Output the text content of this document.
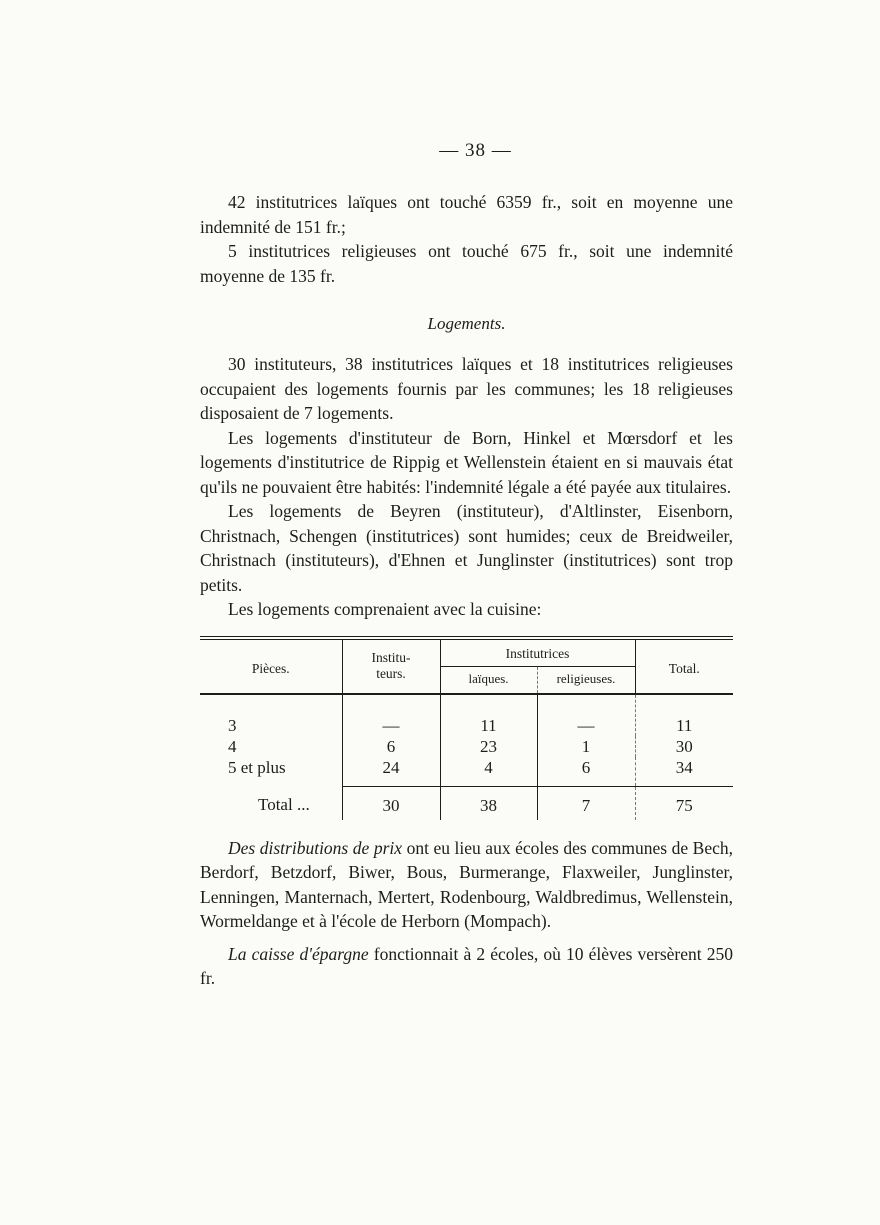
— 38 —

42 institutrices laïques ont touché 6359 fr., soit en moyenne une indemnité de 151 fr.;

5 institutrices religieuses ont touché 675 fr., soit une indemnité moyenne de 135 fr.

Logements.

30 instituteurs, 38 institutrices laïques et 18 institutrices religieuses occupaient des logements fournis par les communes; les 18 religieuses disposaient de 7 logements.

Les logements d'instituteur de Born, Hinkel et Mœrsdorf et les logements d'institutrice de Rippig et Wellenstein étaient en si mauvais état qu'ils ne pouvaient être habités: l'indemnité légale a été payée aux titulaires.

Les logements de Beyren (instituteur), d'Altlinster, Eisenborn, Christnach, Schengen (institutrices) sont humides; ceux de Breidweiler, Christnach (instituteurs), d'Ehnen et Junglinster (institutrices) sont trop petits.

Les logements comprenaient avec la cuisine:

Pièces.	Institu- teurs.	Institutrices		Total.
		laïques.	religieuses.	
3	—	11	—	11
4	6	23	1	30
5 et plus	24	4	6	34
Total ...	30	38	7	75

Des distributions de prix ont eu lieu aux écoles des communes de Bech, Berdorf, Betzdorf, Biwer, Bous, Burmerange, Flaxweiler, Junglinster, Lenningen, Manternach, Mertert, Rodenbourg, Waldbredimus, Wellenstein, Wormeldange et à l'école de Herborn (Mompach).

La caisse d'épargne fonctionnait à 2 écoles, où 10 élèves versèrent 250 fr.
